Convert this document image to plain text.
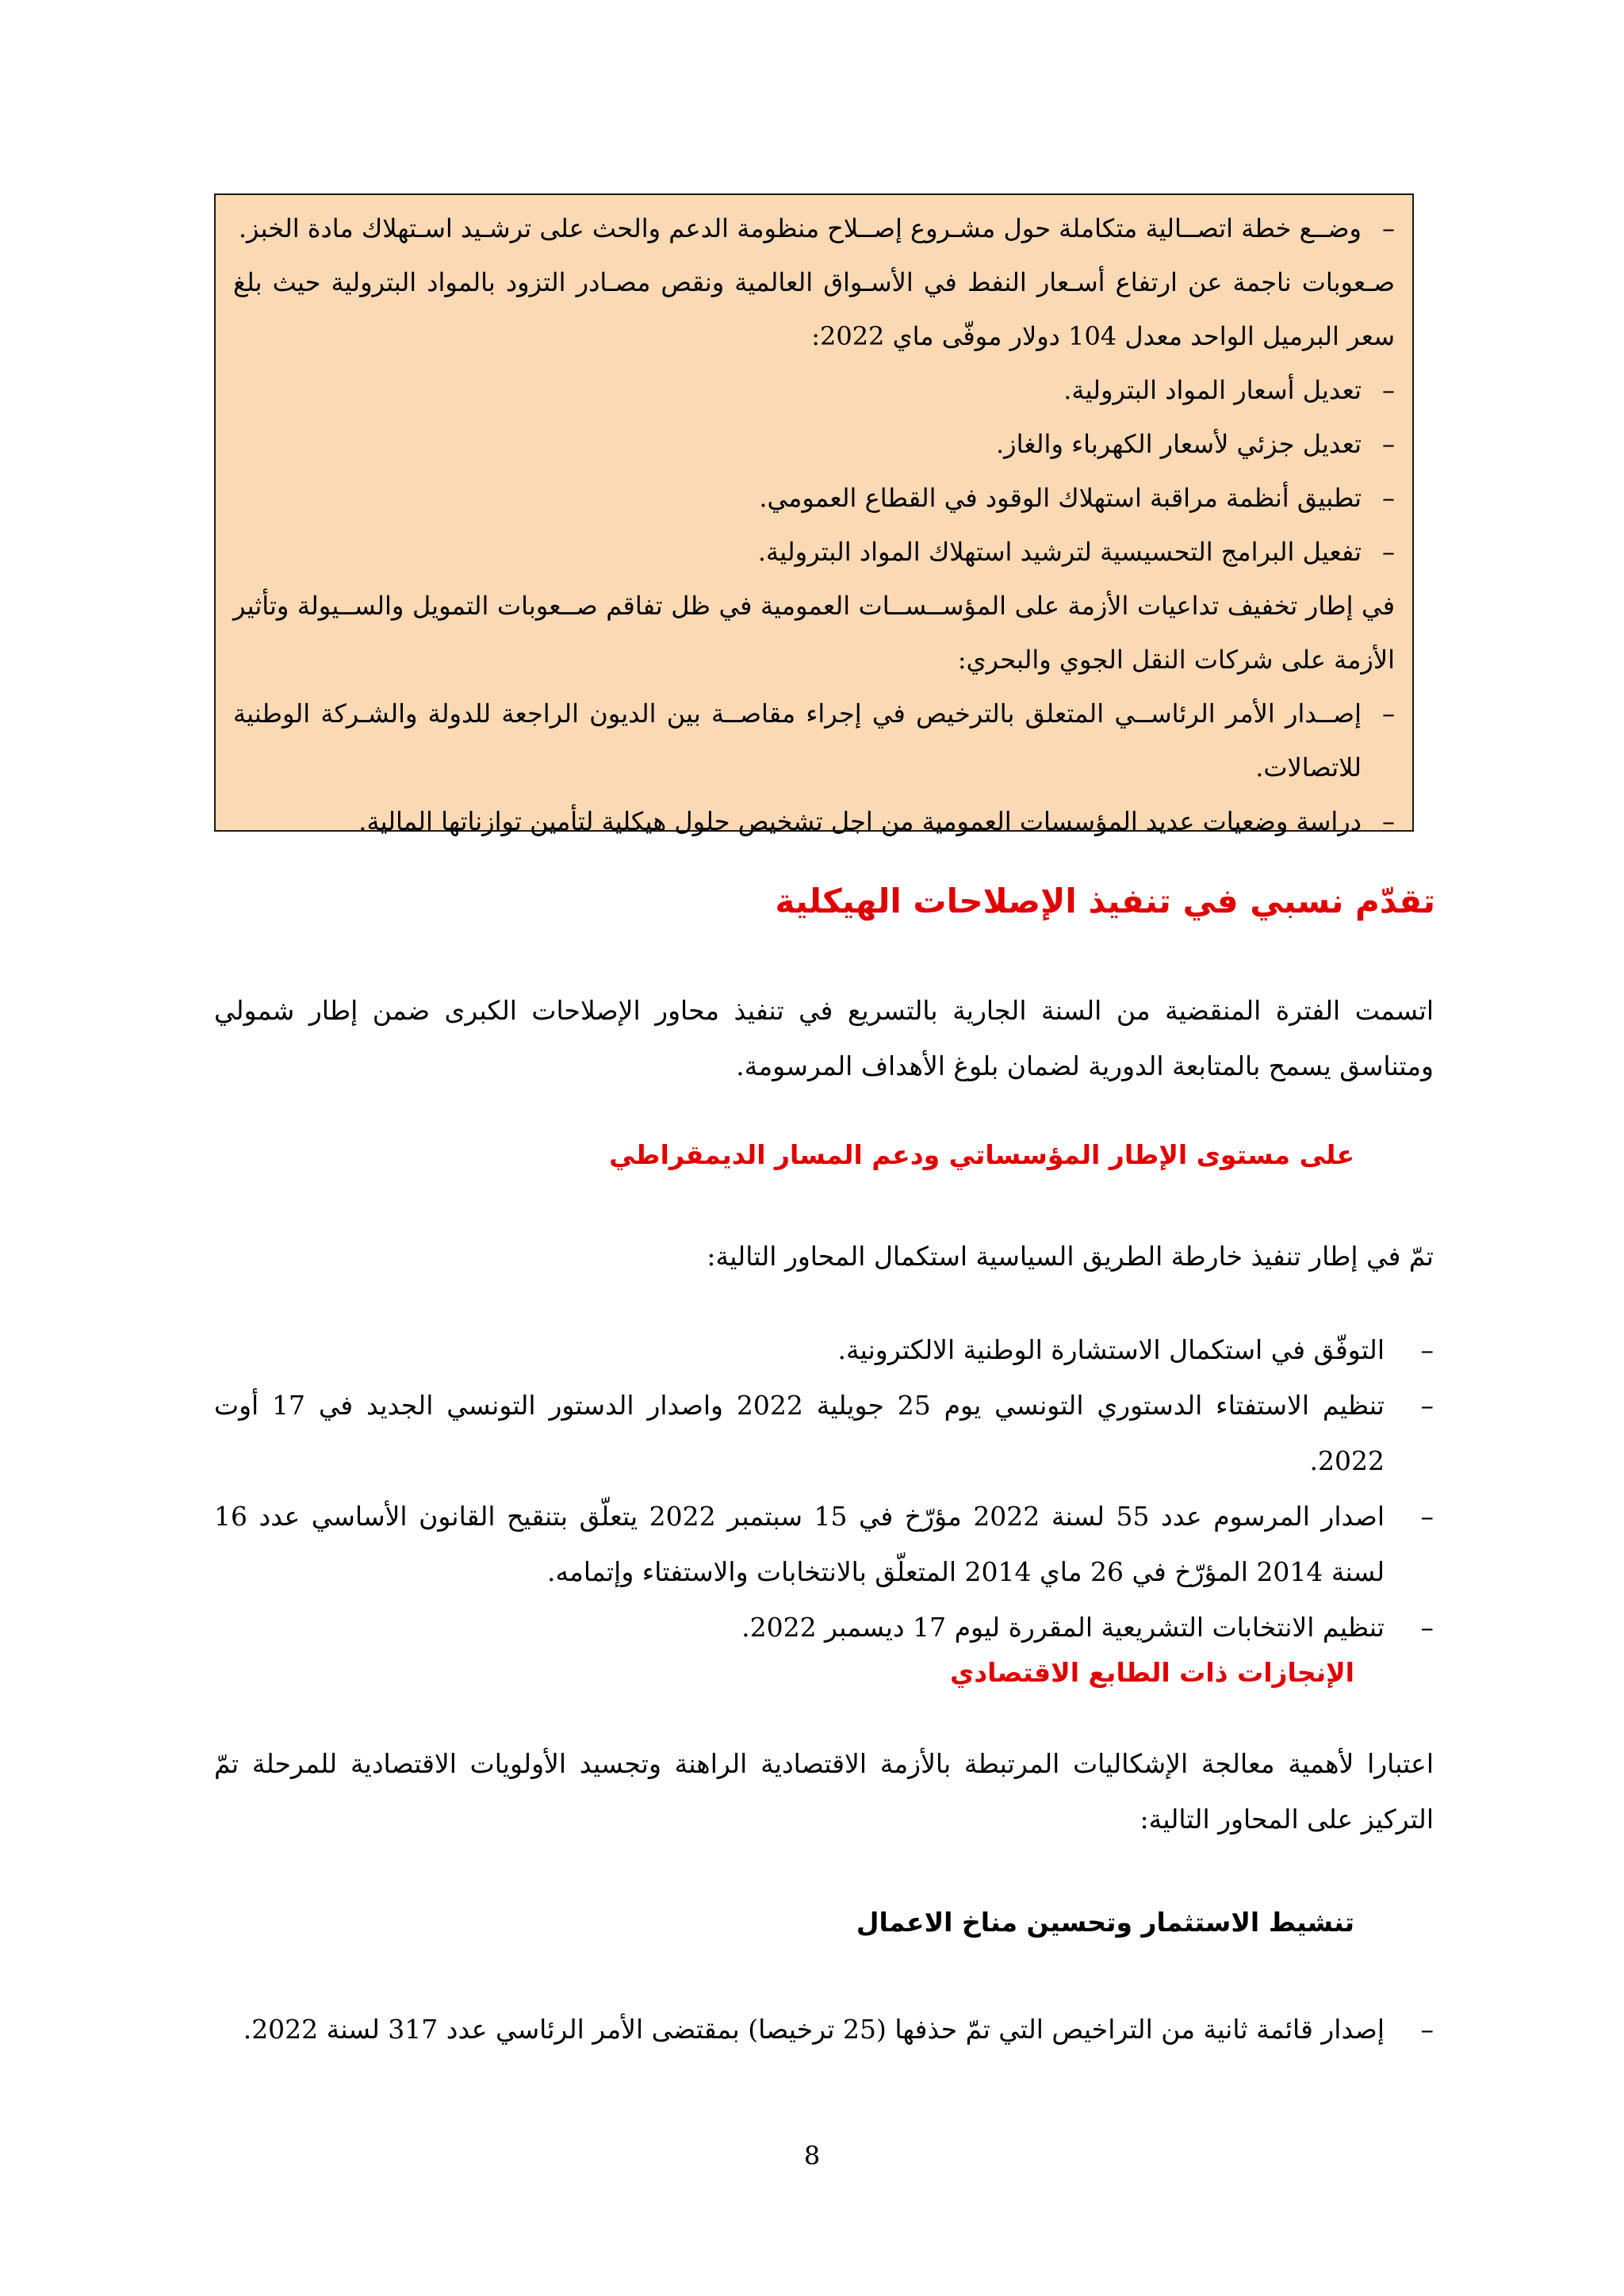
–
وضــع خطة اتصــالية متكاملة حول مشـروع إصــلاح منظومة الدعم والحث على ترشـيد اسـتهلاك مادة الخبز.

صـعوبات ناجمة عن ارتفاع أسـعار النفط في الأسـواق العالمية ونقص مصـادر التزود بالمواد البترولية حيث بلغ سعر البرميل الواحد معدل 104 دولار موفّى ماي 2022:

–
تعديل أسعار المواد البترولية.
–
تعديل جزئي لأسعار الكهرباء والغاز.
–
تطبيق أنظمة مراقبة استهلاك الوقود في القطاع العمومي.
–
تفعيل البرامج التحسيسية لترشيد استهلاك المواد البترولية.

في إطار تخفيف تداعيات الأزمة على المؤســســات العمومية في ظل تفاقم صــعوبات التمويل والســيولة وتأثير الأزمة على شركات النقل الجوي والبحري:

–
إصــدار الأمر الرئاســي المتعلق بالترخيص في إجراء مقاصــة بين الديون الراجعة للدولة والشـركة الوطنية للاتصالات.
–
دراسة وضعيات عديد المؤسسات العمومية من اجل تشخيص حلول هيكلية لتأمين توازناتها المالية.
تقدّم نسبي في تنفيذ الإصلاحات الهيكلية

اتسمت الفترة المنقضية من السنة الجارية بالتسريع في تنفيذ محاور الإصلاحات الكبرى ضمن إطار شمولي ومتناسق يسمح بالمتابعة الدورية لضمان بلوغ الأهداف المرسومة.

على مستوى الإطار المؤسساتي ودعم المسار الديمقراطي

تمّ في إطار تنفيذ خارطة الطريق السياسية استكمال المحاور التالية:

–
التوفّق في استكمال الاستشارة الوطنية الالكترونية.
–
تنظيم الاستفتاء الدستوري التونسي يوم 25 جويلية 2022 واصدار الدستور التونسي الجديد في 17 أوت 2022.
–
اصدار المرسوم عدد 55 لسنة 2022 مؤرّخ في 15 سبتمبر 2022 يتعلّق بتنقيح القانون الأساسي عدد 16 لسنة 2014 المؤرّخ في 26 ماي 2014 المتعلّق بالانتخابات والاستفتاء وإتمامه.
–
تنظيم الانتخابات التشريعية المقررة ليوم 17 ديسمبر 2022.
الإنجازات ذات الطابع الاقتصادي

اعتبارا لأهمية معالجة الإشكاليات المرتبطة بالأزمة الاقتصادية الراهنة وتجسيد الأولويات الاقتصادية للمرحلة تمّ التركيز على المحاور التالية:

تنشيط الاستثمار وتحسين مناخ الاعمال
–
إصدار قائمة ثانية من التراخيص التي تمّ حذفها (25 ترخيصا) بمقتضى الأمر الرئاسي عدد 317 لسنة 2022.
8
